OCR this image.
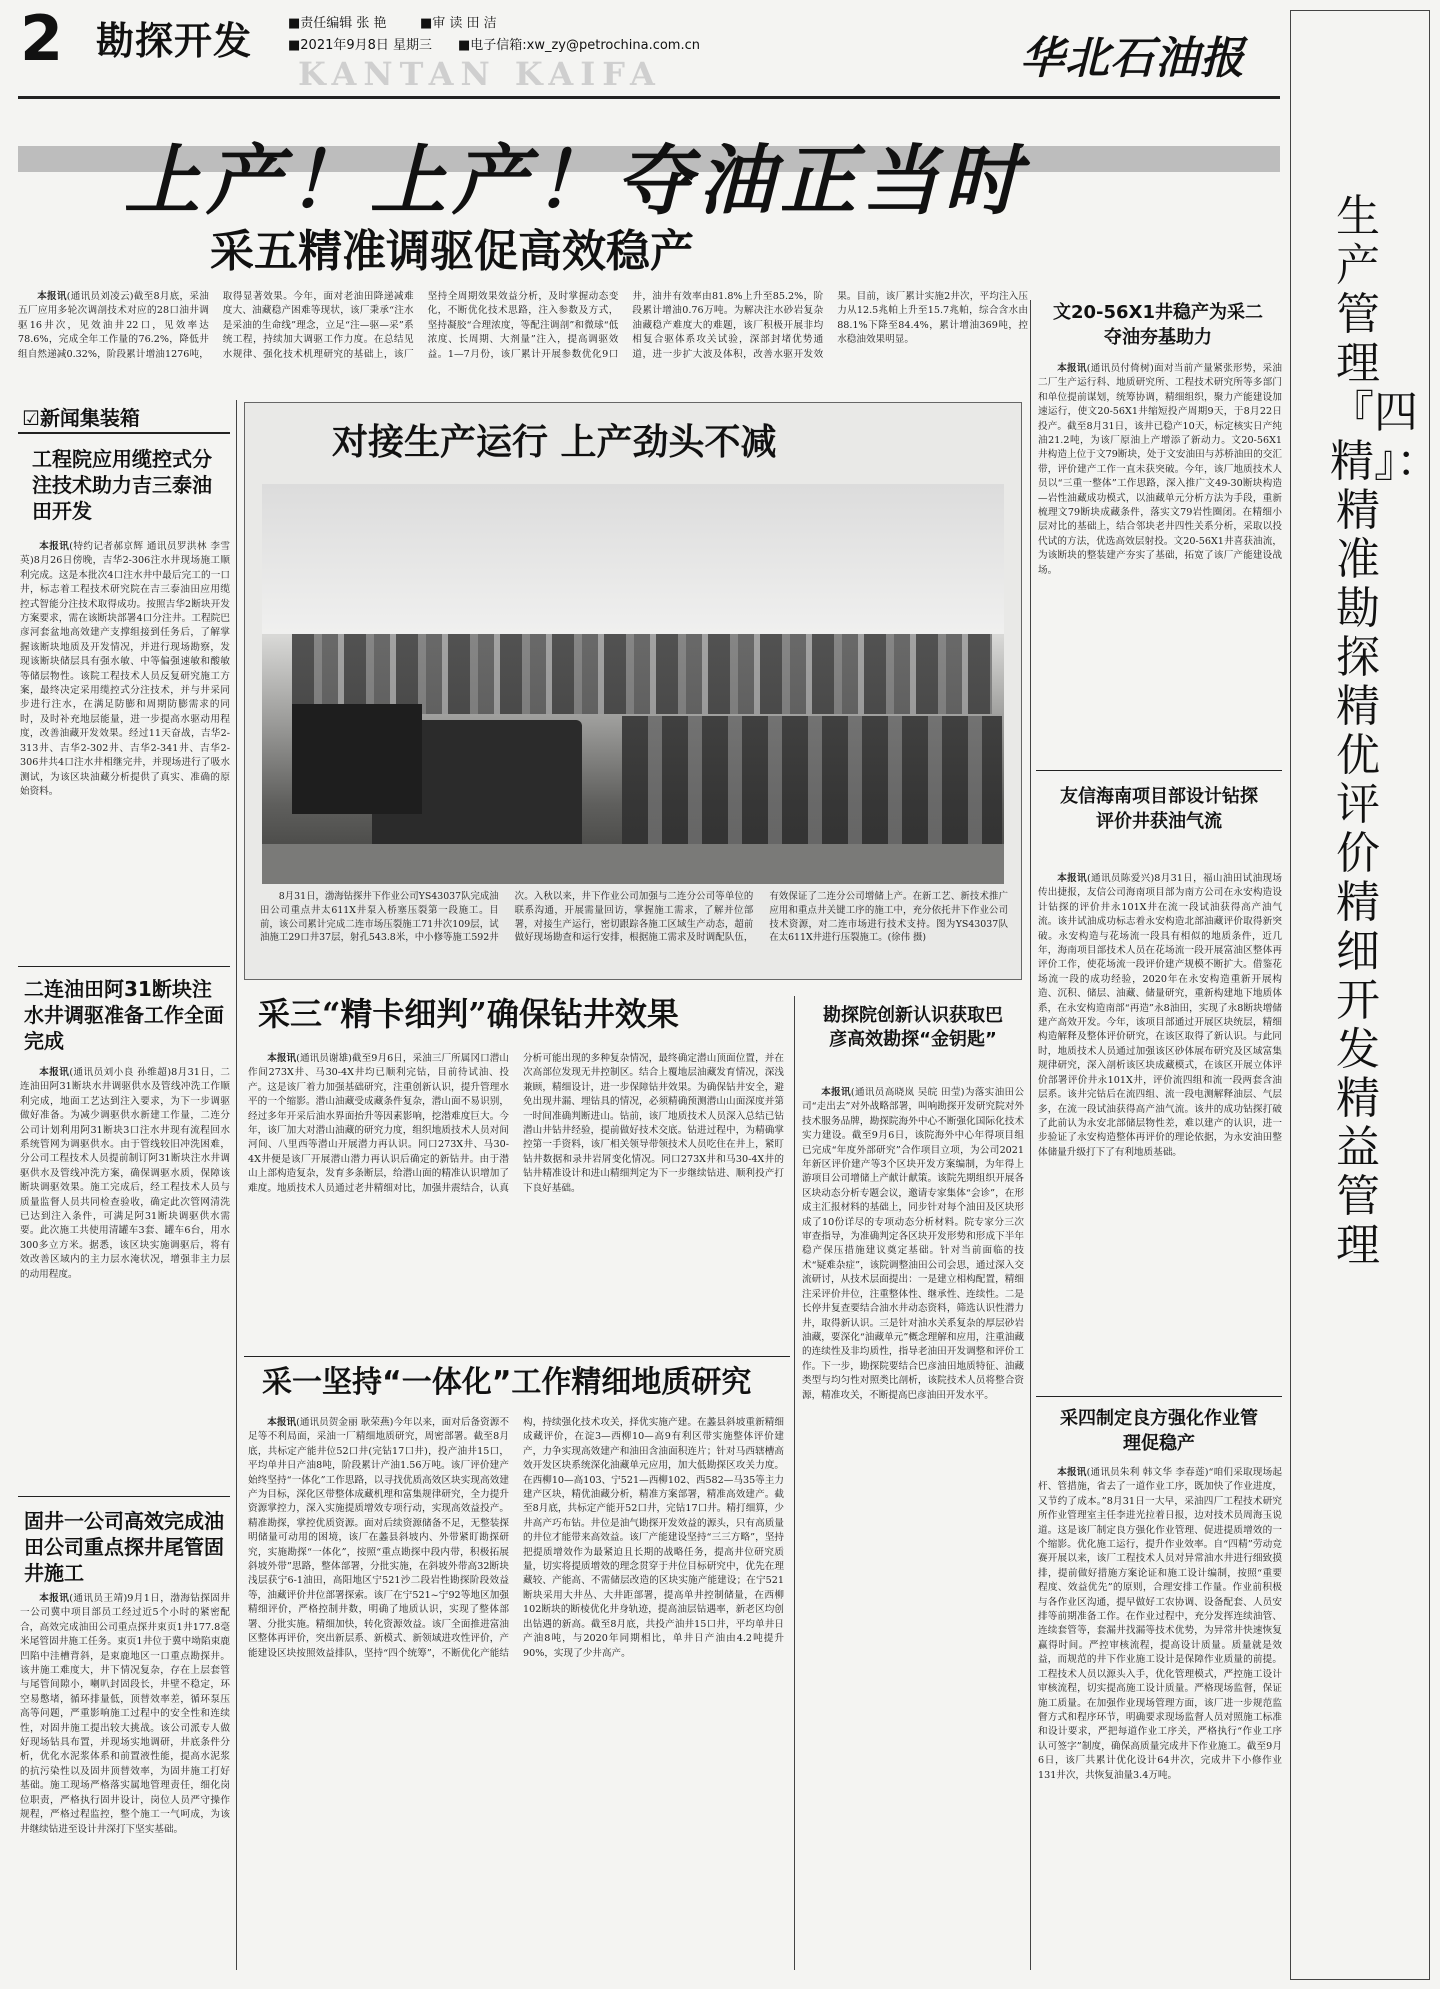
2 勘探开发
KANTAN KAIFA
■责任编辑 张 艳	■审 读 田 洁
■2021年9月8日 星期三 ■电子信箱:xw_zy@petrochina.com.cn	华北石油报
上产！上产！夺油正当时	生产管理『四精』：精准勘探 精优评价 精细开发 精益管理
采五精准调驱促高效稳产

本报讯(通讯员刘凌云)截至8月底，采油五厂应用多轮次调剖技术对应的28口油井调驱16井次，见效油井22口，见效率达78.6%，完成全年工作量的76.2%，降低井组自然递减0.32%，阶段累计增油1276吨，取得显著效果。今年，面对老油田降递减难度大、油藏稳产困难等现状，该厂秉承“注水是采油的生命线”理念，立足“注—驱—采”系统工程，持续加大调驱工作力度。在总结见水规律、强化技术机理研究的基础上，该厂坚持全周期效果效益分析，及时掌握动态变化，不断优化技术思路，注入参数及方式，坚持凝胶“合理浓度，等配注调剖”和微球“低浓度、长周期、大剂量”注入，提高调驱效益。1—7月份，该厂累计开展参数优化9口井，油井有效率由81.8%上升至85.2%，阶段累计增油0.76万吨。为解决注水砂岩复杂油藏稳产难度大的难题，该厂积极开展非均相复合驱体系攻关试验，深部封堵优势通道，进一步扩大波及体积，改善水驱开发效果。目前，该厂累计实施2井次，平均注入压力从12.5兆帕上升至15.7兆帕，综合含水由88.1%下降至84.4%，累计增油369吨，控水稳油效果明显。

☑新闻集装箱
工程院应用缆控式分注技术助力吉三泰油田开发

本报讯(特约记者郝京辉 通讯员罗洪林 李雪英)8月26日傍晚，吉华2-306注水井现场施工顺利完成。这是本批次4口注水井中最后完工的一口井，标志着工程技术研究院在吉三泰油田应用缆控式智能分注技术取得成功。按照吉华2断块开发方案要求，需在该断块部署4口分注井。工程院巴彦河套盆地高效建产支撑组接到任务后，了解掌握该断块地质及开发情况，并进行现场勘察，发现该断块储层具有强水敏、中等偏强速敏和酸敏等储层物性。该院工程技术人员反复研究施工方案，最终决定采用缆控式分注技术，并与井采同步进行注水，在满足防膨和周期防膨需求的同时，及时补充地层能量，进一步提高水驱动用程度，改善油藏开发效果。经过11天奋战，吉华2-313井、吉华2-302井、吉华2-341井、吉华2-306井共4口注水井相继完井，并现场进行了吸水测试，为该区块油藏分析提供了真实、准确的原始资料。

二连油田阿31断块注水井调驱准备工作全面完成

本报讯(通讯员刘小良 孙维超)8月31日，二连油田阿31断块水井调驱供水及管线冲洗工作顺利完成，地面工艺达到注入要求，为下一步调驱做好准备。为减少调驱供水新建工作量，二连分公司计划利用阿31断块3口注水井现有流程回水系统管网为调驱供水。由于管线较旧冲洗困难，分公司工程技术人员提前制订阿31断块注水井调驱供水及管线冲洗方案，确保调驱水质，保障该断块调驱效果。施工完成后，经工程技术人员与质量监督人员共同检查验收，确定此次管网清洗已达到注入条件，可满足阿31断块调驱供水需要。此次施工共使用清罐车3套、罐车6台，用水300多立方米。据悉，该区块实施调驱后，将有效改善区域内的主力层水淹状况，增强非主力层的动用程度。

固井一公司高效完成油田公司重点探井尾管固井施工

本报讯(通讯员王靖)9月1日，渤海钻探固井一公司冀中项目部员工经过近5个小时的紧密配合，高效完成油田公司重点探井束页1井177.8毫米尾管固井施工任务。束页1井位于冀中坳陷束鹿凹陷中洼槽背斜，是束鹿地区一口重点勘探井。该井施工难度大，井下情况复杂，存在上层套管与尾管间隙小，喇叭封固段长，井壁不稳定，环空易憋堵，循环排量低，顶替效率差，循环泵压高等问题，严重影响施工过程中的安全性和连续性，对固井施工提出较大挑战。该公司派专人做好现场钻具布置，并现场实地调研，井底条件分析，优化水泥浆体系和前置液性能，提高水泥浆的抗污染性以及固井顶替效率，为固井施工打好基础。施工现场严格落实属地管理责任，细化岗位职责，严格执行固井设计，岗位人员严守操作规程，严格过程监控，整个施工一气呵成，为该井继续钻进至设计井深打下坚实基础。

对接生产运行 上产劲头不减

8月31日，渤海钻探井下作业公司YS43037队完成油田公司重点井太611X井泵入桥塞压裂第一段施工。目前，该公司累计完成二连市场压裂施工71井次109层，试油施工29口井37层，射孔543.8米，中小修等施工592井次。入秋以来，井下作业公司加强与二连分公司等单位的联系沟通，开展需量回访，掌握施工需求，了解并位部署，对接生产运行，密切跟踪各施工区域生产动态，超前做好现场勘查和运行安排，根据施工需求及时调配队伍，有效保证了二连分公司增储上产。在新工艺、新技术推广应用和重点井关键工序的施工中，充分依托井下作业公司技术资源，对二连市场进行技术支持。图为YS43037队在太611X井进行压裂施工。(徐伟 摄)

采三“精卡细判”确保钻井效果

本报讯(通讯员谢雄)截至9月6日，采油三厂所属冈口潜山作间273X井、马30-4X井均已顺利完钻，目前待试油、投产。这是该厂着力加强基础研究，注重创新认识，提升管理水平的一个缩影。潜山油藏受成藏条件复杂，潜山面不易识别，经过多年开采后油水界面抬升等因素影响，挖潜难度巨大。今年，该厂加大对潜山油藏的研究力度，组织地质技术人员对间河间、八里西等潜山开展潜力再认识。同口273X井、马30-4X井便是该厂开展潜山潜力再认识后确定的新钻井。由于潜山上部构造复杂，发育多条断层，给潜山面的精准认识增加了难度。地质技术人员通过老井精细对比，加强井震结合，认真分析可能出现的多种复杂情况，最终确定潜山顶面位置，并在次高部位发现无井控制区。结合上覆地层油藏发育情况，深浅兼顾，精细设计，进一步保障钻井效果。为确保钻井安全，避免出现井漏、埋钻具的情况，必须精确预测潜山山面深度并第一时间准确判断进山。钻前，该厂地质技术人员深入总结已钻潜山井钻井经验，提前做好技术交底。钻进过程中，为精确掌控第一手资料，该厂相关领导带领技术人员吃住在井上，紧盯钻井数据和录井岩屑变化情况。同口273X井和马30-4X井的钻井精准设计和进山精细判定为下一步继续钻进、顺利投产打下良好基础。

勘探院创新认识获取巴彦高效勘探“金钥匙”

本报讯(通讯员高晓岚 吴皖 田莹)为落实油田公司“走出去”对外战略部署，叫响勘探开发研究院对外技术服务品牌，勘探院海外中心不断强化国际化技术实力建设。截至9月6日，该院海外中心年得项目组已完成“年度外部研究”合作项目立项，为公司2021年新区评价建产等3个区块开发方案编制，为年得上游项目公司增储上产献计献策。该院先期组织开展各区块动态分析专题会议，邀请专家集体“会诊”，在形成主汇报材料的基础上，同步针对每个油田及区块形成了10份详尽的专项动态分析材料。院专家分三次审查指导，为准确判定各区块开发形势和形成下半年稳产保压措施建议奠定基础。针对当前面临的技术“疑难杂症”，该院调整油田公司会思，通过深入交流研讨，从技术层面提出：一是建立相构配置，精细注采评价井位，注重整体性、继承性、连续性。二是长停井复查要结合油水井动态资料，筛选认识性潜力井，取得新认识。三是针对油水关系复杂的厚层砂岩油藏，要深化“油藏单元”概念理解和应用，注重油藏的连续性及非均质性，指导老油田开发调整和评价工作。下一步，勘探院要结合巴彦油田地质特征、油藏类型与均匀性对照类比剖析，该院技术人员将整合资源，精准攻关，不断提高巴彦油田开发水平。

采一坚持“一体化”工作精细地质研究

本报讯(通讯员贺金丽 耿荣燕)今年以来，面对后备资源不足等不利局面，采油一厂精细地质研究，周密部署。截至8月底，共标定产能井位52口井(完钻17口井)，投产油井15口，平均单井日产油8吨，阶段累计产油1.56万吨。该厂评价建产始终坚持“一体化”工作思路，以寻找优质高效区块实现高效建产为目标，深化区带整体成藏机理和富集规律研究，全力提升资源掌控力，深入实施提质增效专项行动，实现高效益投产。精准勘探，掌控优质资源。面对后续资源储备不足，无整装探明储量可动用的困境，该厂在蠡县斜坡内、外带紧盯勘探研究，实施勘探“一体化”，按照“重点勘探中段内带，积极拓展斜坡外带”思路，整体部署，分批实施，在斜坡外带高32断块浅层获宁6-1油田，高阳地区宁521沙二段岩性勘探阶段效益等，油藏评价井位部署探索。该厂在宁521~宁92等地区加强精细评价，严格控制井数，明确了地质认识，实现了整体部署、分批实施。精细加快，转化资源效益。该厂全面推进富油区整体再评价，突出新层系、新模式、新领域进攻性评价，产能建设区块按照效益排队，坚持“四个统筹”，不断优化产能结构，持续强化技术攻关，择优实施产建。在蠡县斜坡重新精细成藏评价，在淀3—西柳10—高9有利区带实施整体评价建产，力争实现高效建产和油田含油面积连片；针对马西辖槽高效开发区块系统深化油藏单元应用，加大低勘探区攻关力度。在西柳10—高103、宁521—西柳102、西582—马35等主力建产区块，精优油藏分析，精准方案部署，精准高效建产。截至8月底，共标定产能开52口井，完钻17口井。精打细算，少井高产巧布钻。井位是油气勘探开发效益的源头，只有高质量的井位才能带来高效益。该厂产能建设坚持“三三方略”，坚持把提质增效作为最紧迫且长期的战略任务，提高井位研究质量，切实将提质增效的理念贯穿于井位目标研究中，优先在理藏较、产能高、不需储层改造的区块实施产能建设；在宁521断块采用大井丛、大井距部署，提高单井控制储量，在西柳102断块的断棱优化井身轨迹，提高油层钻遇率，新老区均创出钻遇的新高。截至8月底，共投产油井15口井，平均单井日产油8吨，与2020年同期相比，单井日产油由4.2吨提升90%，实现了少井高产。

文20-56X1井稳产为采二夺油夯基助力

本报讯(通讯员付倚树)面对当前产量紧张形势，采油二厂生产运行科、地质研究所、工程技术研究所等多部门和单位提前谋划，统筹协调，精细组织，聚力产能建设加速运行，使文20-56X1井缩短投产周期9天，于8月22日投产。截至8月31日，该井已稳产10天，标定核实日产纯油21.2吨，为该厂原油上产增添了新动力。文20-56X1井构造上位于文79断块，处于文安油田与苏桥油田的交汇带，评价建产工作一直未获突破。今年，该厂地质技术人员以“三重一整体”工作思路，深入推广文49-30断块构造—岩性油藏成功模式，以油藏单元分析方法为手段，重新梳理文79断块成藏条件，落实文79岩性圈闭。在精细小层对比的基础上，结合邻块老井四性关系分析，采取以投代试的方法，优选高效层射投。文20-56X1井喜获油流，为该断块的整装建产夯实了基础，拓宽了该厂产能建设战场。

友信海南项目部设计钻探评价井获油气流

本报讯(通讯员陈爱兴)8月31日，福山油田试油现场传出捷报，友信公司海南项目部为南方公司在永安构造设计钻探的评价井永101X井在流一段试油获得高产油气流。该井试油成功标志着永安构造北部油藏评价取得新突破。永安构造与花场流一段具有相似的地质条件，近几年，海南项目部技术人员在花场流一段开展富油区整体再评价工作，使花场流一段评价建产规模不断扩大。借鉴花场流一段的成功经验，2020年在永安构造重新开展构造、沉积、储层、油藏、储量研究，重新构建地下地质体系，在永安构造南部“再造”永8油田，实现了永8断块增储建产高效开发。今年，该项目部通过开展区块统层，精细构造解释及整体评价研究，在该区取得了新认识。与此同时，地质技术人员通过加强该区砂体展布研究及区域富集规律研究，深入剖析该区块成藏模式，在该区开展立体评价部署评价井永101X井，评价流四组和流一段两套含油层系。该井完钻后在流四组、流一段电测解释油层、气层多，在流一段试油获得高产油气流。该井的成功钻探打破了此前认为永安北部储层物性差，难以建产的认识，进一步验证了永安构造整体再评价的理论依据，为永安油田整体储量升级打下了有利地质基础。

采四制定良方强化作业管理促稳产

本报讯(通讯员朱利 韩文华 李春莲)“咱们采取现场起杆、管措施，省去了一道作业工序，既加快了作业进度，又节约了成本。”8月31日一大早，采油四厂工程技术研究所作业管理室主任李进光拉着日报，边对技术员周海玉说道。这是该厂制定良方强化作业管理、促进提质增效的一个缩影。优化施工运行，提升作业效率。自“四精”劳动竞赛开展以来，该厂工程技术人员对异常油水井进行细致摸排，提前做好措施方案论证和施工设计编制，按照“重要程度、效益优先”的原则，合理安排工作量。作业前积极与各作业区沟通，提早做好工农协调、设备配套、人员安排等前期准备工作。在作业过程中，充分发挥连续油管、连续套管等，套漏井找漏等技术优势，为异常井快速恢复赢得时间。严控审核流程，提高设计质量。质量就是效益，而规范的井下作业施工设计是保障作业质量的前提。工程技术人员以源头入手，优化管理模式，严控施工设计审核流程，切实提高施工设计质量。严格现场监督，保证施工质量。在加强作业现场管理方面，该厂进一步规范监督方式和程序环节，明确要求现场监督人员对照施工标准和设计要求，严把每道作业工序关，严格执行“作业工序认可签字”制度，确保高质量完成井下作业施工。截至9月6日，该厂共累计优化设计64井次，完成井下小修作业131井次，共恢复油量3.4万吨。
